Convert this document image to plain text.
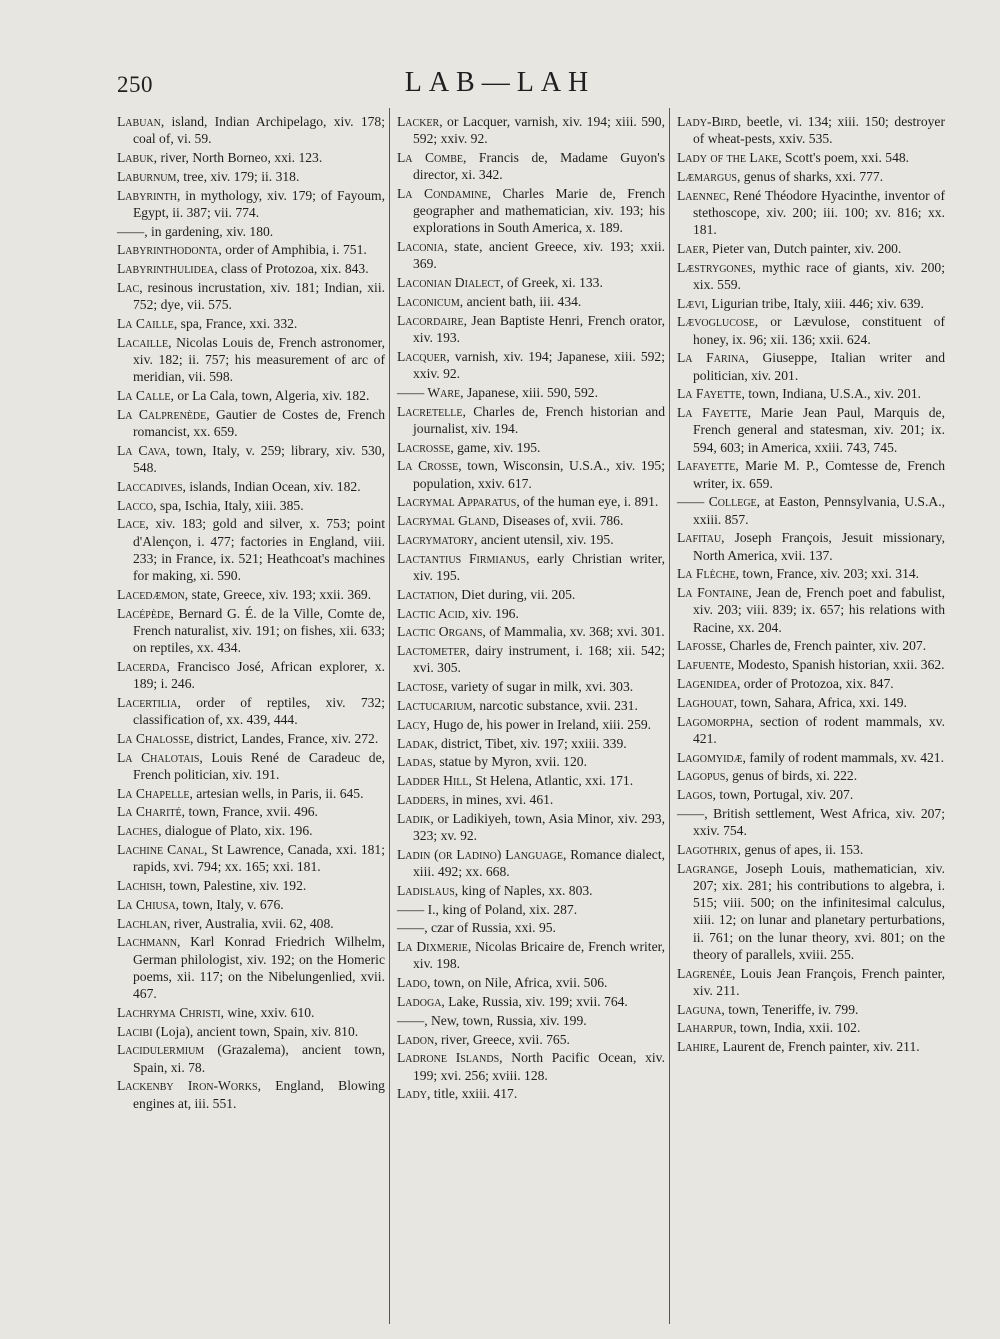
250	LAB—LAH

Labuan, island, Indian Archipelago, xiv. 178; coal of, vi. 59.

Labuk, river, North Borneo, xxi. 123.

Laburnum, tree, xiv. 179; ii. 318.

Labyrinth, in mythology, xiv. 179; of Fayoum, Egypt, ii. 387; vii. 774.

——, in gardening, xiv. 180.

Labyrinthodonta, order of Amphibia, i. 751.

Labyrinthulidea, class of Protozoa, xix. 843.

Lac, resinous incrustation, xiv. 181; Indian, xii. 752; dye, vii. 575.

La Caille, spa, France, xxi. 332.

Lacaille, Nicolas Louis de, French astronomer, xiv. 182; ii. 757; his measurement of arc of meridian, vii. 598.

La Calle, or La Cala, town, Algeria, xiv. 182.

La Calprenède, Gautier de Costes de, French romancist, xx. 659.

La Cava, town, Italy, v. 259; library, xiv. 530, 548.

Laccadives, islands, Indian Ocean, xiv. 182.

Lacco, spa, Ischia, Italy, xiii. 385.

Lace, xiv. 183; gold and silver, x. 753; point d'Alençon, i. 477; factories in England, viii. 233; in France, ix. 521; Heathcoat's machines for making, xi. 590.

Lacedæmon, state, Greece, xiv. 193; xxii. 369.

Lacépède, Bernard G. É. de la Ville, Comte de, French naturalist, xiv. 191; on fishes, xii. 633; on reptiles, xx. 434.

Lacerda, Francisco José, African explorer, x. 189; i. 246.

Lacertilia, order of reptiles, xiv. 732; classification of, xx. 439, 444.

La Chalosse, district, Landes, France, xiv. 272.

La Chalotais, Louis René de Caradeuc de, French politician, xiv. 191.

La Chapelle, artesian wells, in Paris, ii. 645.

La Charité, town, France, xvii. 496.

Laches, dialogue of Plato, xix. 196.

Lachine Canal, St Lawrence, Canada, xxi. 181; rapids, xvi. 794; xx. 165; xxi. 181.

Lachish, town, Palestine, xiv. 192.

La Chiusa, town, Italy, v. 676.

Lachlan, river, Australia, xvii. 62, 408.

Lachmann, Karl Konrad Friedrich Wilhelm, German philologist, xiv. 192; on the Homeric poems, xii. 117; on the Nibelungenlied, xvii. 467.

Lachryma Christi, wine, xxiv. 610.

Lacibi (Loja), ancient town, Spain, xiv. 810.

Lacidulermium (Grazalema), ancient town, Spain, xi. 78.

Lackenby Iron-Works, England, Blowing engines at, iii. 551.

Lacker, or Lacquer, varnish, xiv. 194; xiii. 590, 592; xxiv. 92.

La Combe, Francis de, Madame Guyon's director, xi. 342.

La Condamine, Charles Marie de, French geographer and mathematician, xiv. 193; his explorations in South America, x. 189.

Laconia, state, ancient Greece, xiv. 193; xxii. 369.

Laconian Dialect, of Greek, xi. 133.

Laconicum, ancient bath, iii. 434.

Lacordaire, Jean Baptiste Henri, French orator, xiv. 193.

Lacquer, varnish, xiv. 194; Japanese, xiii. 592; xxiv. 92.

—— Ware, Japanese, xiii. 590, 592.

Lacretelle, Charles de, French historian and journalist, xiv. 194.

Lacrosse, game, xiv. 195.

La Crosse, town, Wisconsin, U.S.A., xiv. 195; population, xxiv. 617.

Lacrymal Apparatus, of the human eye, i. 891.

Lacrymal Gland, Diseases of, xvii. 786.

Lacrymatory, ancient utensil, xiv. 195.

Lactantius Firmianus, early Christian writer, xiv. 195.

Lactation, Diet during, vii. 205.

Lactic Acid, xiv. 196.

Lactic Organs, of Mammalia, xv. 368; xvi. 301.

Lactometer, dairy instrument, i. 168; xii. 542; xvi. 305.

Lactose, variety of sugar in milk, xvi. 303.

Lactucarium, narcotic substance, xvii. 231.

Lacy, Hugo de, his power in Ireland, xiii. 259.

Ladak, district, Tibet, xiv. 197; xxiii. 339.

Ladas, statue by Myron, xvii. 120.

Ladder Hill, St Helena, Atlantic, xxi. 171.

Ladders, in mines, xvi. 461.

Ladik, or Ladikiyeh, town, Asia Minor, xiv. 293, 323; xv. 92.

Ladin (or Ladino) Language, Romance dialect, xiii. 492; xx. 668.

Ladislaus, king of Naples, xx. 803.

—— I., king of Poland, xix. 287.

——, czar of Russia, xxi. 95.

La Dixmerie, Nicolas Bricaire de, French writer, xiv. 198.

Lado, town, on Nile, Africa, xvii. 506.

Ladoga, Lake, Russia, xiv. 199; xvii. 764.

——, New, town, Russia, xiv. 199.

Ladon, river, Greece, xvii. 765.

Ladrone Islands, North Pacific Ocean, xiv. 199; xvi. 256; xviii. 128.

Lady, title, xxiii. 417.

Lady-Bird, beetle, vi. 134; xiii. 150; destroyer of wheat-pests, xxiv. 535.

Lady of the Lake, Scott's poem, xxi. 548.

Læmargus, genus of sharks, xxi. 777.

Laennec, René Théodore Hyacinthe, inventor of stethoscope, xiv. 200; iii. 100; xv. 816; xx. 181.

Laer, Pieter van, Dutch painter, xiv. 200.

Læstrygones, mythic race of giants, xiv. 200; xix. 559.

Lævi, Ligurian tribe, Italy, xiii. 446; xiv. 639.

Lævoglucose, or Lævulose, constituent of honey, ix. 96; xii. 136; xxii. 624.

La Farina, Giuseppe, Italian writer and politician, xiv. 201.

La Fayette, town, Indiana, U.S.A., xiv. 201.

La Fayette, Marie Jean Paul, Marquis de, French general and statesman, xiv. 201; ix. 594, 603; in America, xxiii. 743, 745.

Lafayette, Marie M. P., Comtesse de, French writer, ix. 659.

—— College, at Easton, Pennsylvania, U.S.A., xxiii. 857.

Lafitau, Joseph François, Jesuit missionary, North America, xvii. 137.

La Flèche, town, France, xiv. 203; xxi. 314.

La Fontaine, Jean de, French poet and fabulist, xiv. 203; viii. 839; ix. 657; his relations with Racine, xx. 204.

Lafosse, Charles de, French painter, xiv. 207.

Lafuente, Modesto, Spanish historian, xxii. 362.

Lagenidea, order of Protozoa, xix. 847.

Laghouat, town, Sahara, Africa, xxi. 149.

Lagomorpha, section of rodent mammals, xv. 421.

Lagomyidæ, family of rodent mammals, xv. 421.

Lagopus, genus of birds, xi. 222.

Lagos, town, Portugal, xiv. 207.

——, British settlement, West Africa, xiv. 207; xxiv. 754.

Lagothrix, genus of apes, ii. 153.

Lagrange, Joseph Louis, mathematician, xiv. 207; xix. 281; his contributions to algebra, i. 515; viii. 500; on the infinitesimal calculus, xiii. 12; on lunar and planetary perturbations, ii. 761; on the lunar theory, xvi. 801; on the theory of parallels, xviii. 255.

Lagrenée, Louis Jean François, French painter, xiv. 211.

Laguna, town, Teneriffe, iv. 799.

Laharpur, town, India, xxii. 102.

Lahire, Laurent de, French painter, xiv. 211.
